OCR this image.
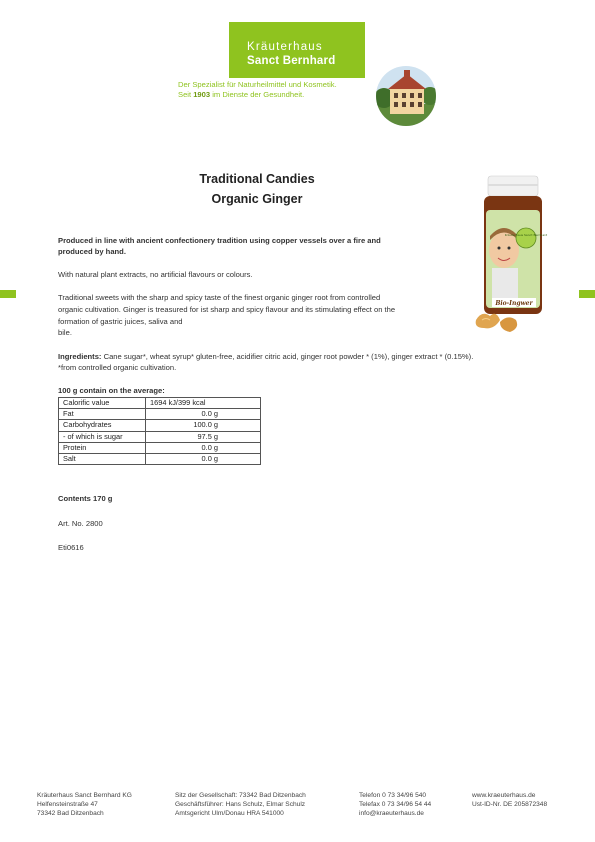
Kräuterhaus
Sanct Bernhard
Der Spezialist für Naturheilmittel und Kosmetik.
Seit 1903 im Dienste der Gesundheit.
Traditional Candies
Organic Ginger
Bio-Ingwer
Kräuterhaus Sanct Bernhard
Produced in line with ancient confectionery tradition using copper vessels over a fire and
produced by hand.
With natural plant extracts, no artificial flavours or colours.
Traditional sweets with the sharp and spicy taste of the finest organic ginger root from controlled
organic cultivation. Ginger is treasured for ist sharp and spicy flavour and its stimulating effect on the
formation of gastric juices, saliva and
bile.
Ingredients: Cane sugar*, wheat syrup* gluten-free, acidifier citric acid, ginger root powder * (1%), ginger extract * (0.15%).
*from controlled organic cultivation.
100 g contain on the average:
Calorific value	1694 kJ/399 kcal
Fat	0.0 g
Carbohydrates	100.0 g
- of which is sugar	97.5 g
Protein	0.0 g
Salt	0.0 g
Contents 170 g
Art. No. 2800
Eti0616
Kräuterhaus Sanct Bernhard KG
Helfensteinstraße 47
73342 Bad Ditzenbach
Sitz der Gesellschaft: 73342 Bad Ditzenbach
Geschäftsführer: Hans Schulz, Elmar Schulz
Amtsgericht Ulm/Donau HRA 541000
Telefon 0 73 34/96 540
Telefax 0 73 34/96 54 44
info@kraeuterhaus.de
www.kraeuterhaus.de
Ust-ID-Nr. DE 205872348
